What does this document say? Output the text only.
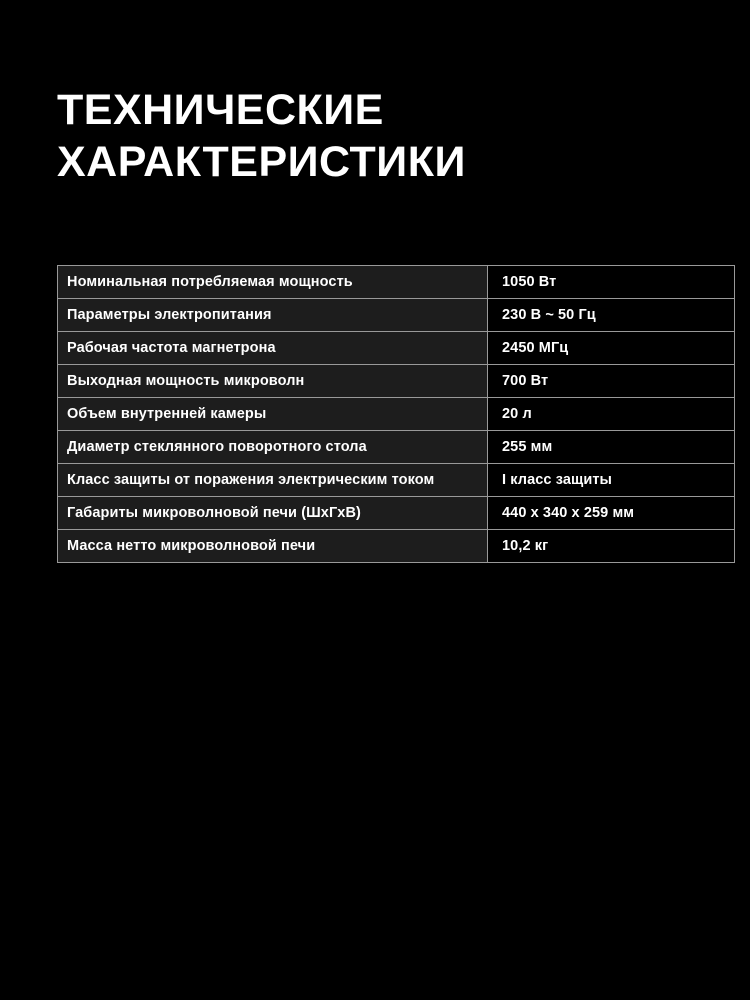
ТЕХНИЧЕСКИЕ
ХАРАКТЕРИСТИКИ
Номинальная потребляемая мощность	1050 Вт
Параметры электропитания	230 В ~ 50 Гц
Рабочая частота магнетрона	2450 МГц
Выходная мощность микроволн	700 Вт
Объем внутренней камеры	20 л
Диаметр стеклянного поворотного стола	255 мм
Класс защиты от поражения электрическим током	I класс защиты
Габариты микроволновой печи (ШхГхВ)	440 x 340 x 259 мм
Масса нетто микроволновой печи	10,2 кг
